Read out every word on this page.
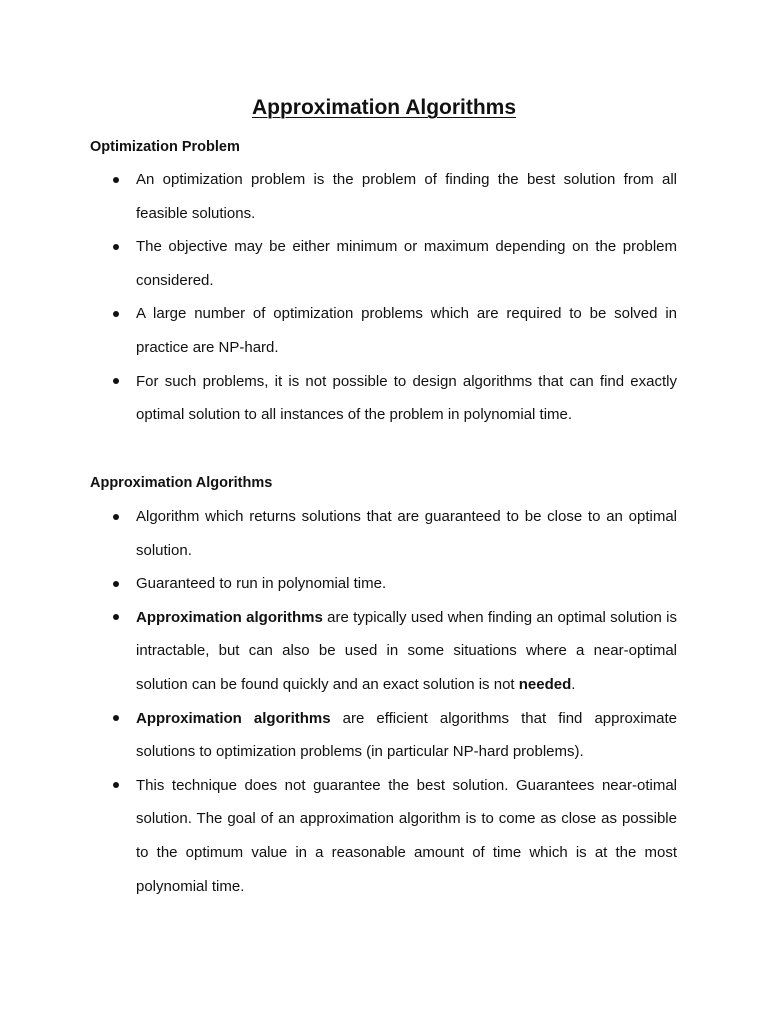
Approximation Algorithms
Optimization Problem
An optimization problem is the problem of finding the best solution from all feasible solutions.
The objective may be either minimum or maximum depending on the problem considered.
A large number of optimization problems which are required to be solved in practice are NP-hard.
For such problems, it is not possible to design algorithms that can find exactly optimal solution to all instances of the problem in polynomial time.
Approximation Algorithms
Algorithm which returns solutions that are guaranteed to be close to an optimal solution.
Guaranteed to run in polynomial time.
Approximation algorithms are typically used when finding an optimal solution is intractable, but can also be used in some situations where a near-optimal solution can be found quickly and an exact solution is not needed.
Approximation algorithms are efficient algorithms that find approximate solutions to optimization problems (in particular NP-hard problems).
This technique does not guarantee the best solution. Guarantees near-otimal solution. The goal of an approximation algorithm is to come as close as possible to the optimum value in a reasonable amount of time which is at the most polynomial time.
